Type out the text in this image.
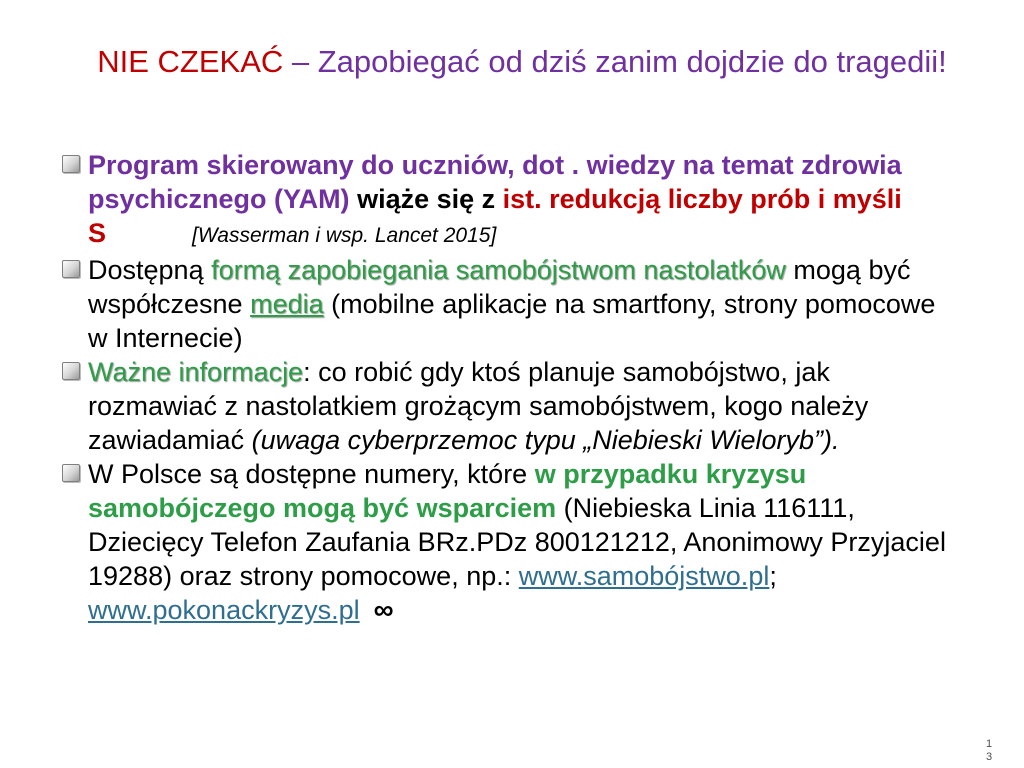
NIE CZEKAĆ – Zapobiegać od dziś zanim dojdzie do tragedii!
Program skierowany do uczniów, dot . wiedzy na temat zdrowia psychicznego (YAM) wiąże się z ist. redukcją liczby prób i myśli S	[Wasserman i wsp. Lancet 2015]
Dostępną formą zapobiegania samobójstwom nastolatków mogą być współczesne media (mobilne aplikacje na smartfony, strony pomocowe w Internecie)
Ważne informacje: co robić gdy ktoś planuje samobójstwo, jak rozmawiać z nastolatkiem grożącym samobójstwem, kogo należy zawiadamiać (uwaga cyberprzemoc typu „Niebieski Wieloryb”).
W Polsce są dostępne numery, które w przypadku kryzysu samobójczego mogą być wsparciem (Niebieska Linia 116111, Dziecięcy Telefon Zaufania BRz.PDz 800121212, Anonimowy Przyjaciel 19288) oraz strony pomocowe, np.: www.samobójstwo.pl; www.pokonackryzys.pl ∞
1
3
